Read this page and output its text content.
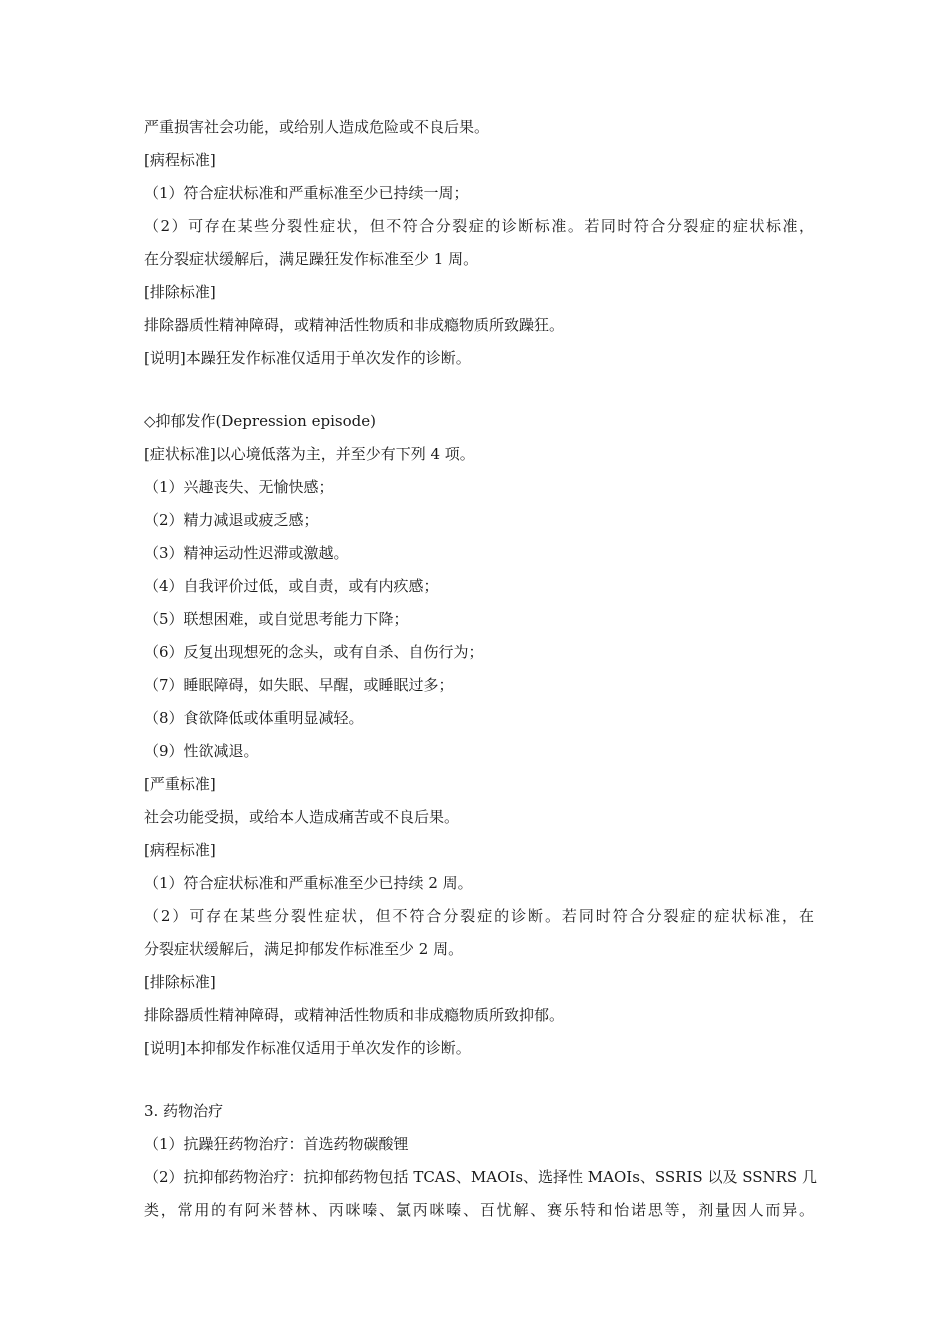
严重损害社会功能，或给别人造成危险或不良后果。
[病程标准]
（1）符合症状标准和严重标准至少已持续一周；
（2）可存在某些分裂性症状，但不符合分裂症的诊断标准。若同时符合分裂症的症状标准，
在分裂症状缓解后，满足躁狂发作标准至少 1 周。
[排除标准]
排除器质性精神障碍，或精神活性物质和非成瘾物质所致躁狂。
[说明]本躁狂发作标准仅适用于单次发作的诊断。
◇抑郁发作(Depression episode)
[症状标准]以心境低落为主，并至少有下列 4 项。
（1）兴趣丧失、无愉快感；
（2）精力减退或疲乏感；
（3）精神运动性迟滞或激越。
（4）自我评价过低，或自责，或有内疚感；
（5）联想困难，或自觉思考能力下降；
（6）反复出现想死的念头，或有自杀、自伤行为；
（7）睡眠障碍，如失眠、早醒，或睡眠过多；
（8）食欲降低或体重明显减轻。
（9）性欲减退。
[严重标准]
社会功能受损，或给本人造成痛苦或不良后果。
[病程标准]
（1）符合症状标准和严重标准至少已持续 2 周。
（2）可存在某些分裂性症状，但不符合分裂症的诊断。若同时符合分裂症的症状标准，在
分裂症状缓解后，满足抑郁发作标准至少 2 周。
[排除标准]
排除器质性精神障碍，或精神活性物质和非成瘾物质所致抑郁。
[说明]本抑郁发作标准仅适用于单次发作的诊断。
3. 药物治疗
（1）抗躁狂药物治疗：首选药物碳酸锂
（2）抗抑郁药物治疗：抗抑郁药物包括 TCAS、MAOIs、选择性 MAOIs、SSRIS 以及 SSNRS 几
类，常用的有阿米替林、丙咪嗪、氯丙咪嗪、百忧解、赛乐特和怡诺思等，剂量因人而异。
